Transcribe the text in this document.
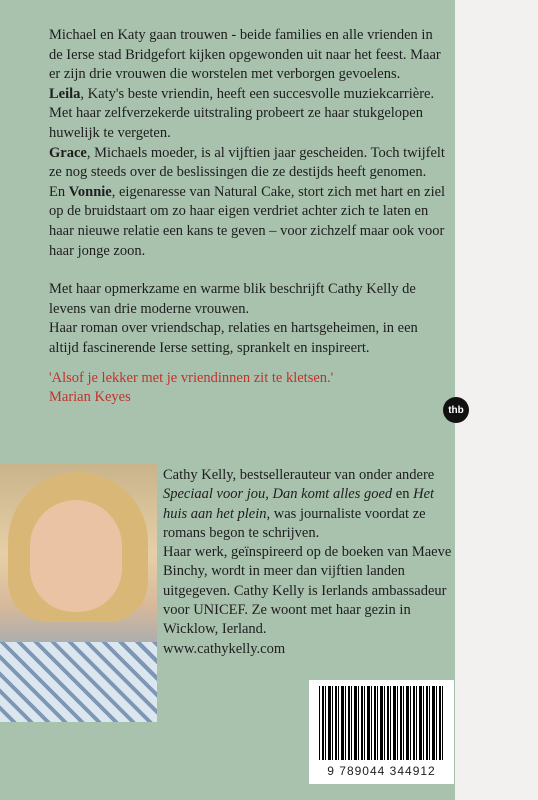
thb

Michael en Katy gaan trouwen - beide families en alle vrienden in de Ierse stad Bridgefort kijken opgewonden uit naar het feest. Maar er zijn drie vrouwen die worstelen met verborgen gevoelens.

Leila, Katy's beste vriendin, heeft een succesvolle muziekcarrière. Met haar zelfverzekerde uitstraling probeert ze haar stukgelopen huwelijk te vergeten.

Grace, Michaels moeder, is al vijftien jaar gescheiden. Toch twijfelt ze nog steeds over de beslissingen die ze destijds heeft genomen.

En Vonnie, eigenaresse van Natural Cake, stort zich met hart en ziel op de bruidstaart om zo haar eigen verdriet achter zich te laten en haar nieuwe relatie een kans te geven – voor zichzelf maar ook voor haar jonge zoon.

Met haar opmerkzame en warme blik beschrijft Cathy Kelly de levens van drie moderne vrouwen.

Haar roman over vriendschap, relaties en hartsgeheimen, in een altijd fascinerende Ierse setting, sprankelt en inspireert.

'Alsof je lekker met je vriendinnen zit te kletsen.'

Marian Keyes

Cathy Kelly, bestsellerauteur van onder andere Speciaal voor jou, Dan komt alles goed en Het huis aan het plein, was journaliste voordat ze romans begon te schrijven.

Haar werk, geïnspireerd op de boeken van Maeve Binchy, wordt in meer dan vijftien landen uitgegeven. Cathy Kelly is Ierlands ambassadeur voor UNICEF. Ze woont met haar gezin in Wicklow, Ierland.

www.cathykelly.com

9 789044 344912
